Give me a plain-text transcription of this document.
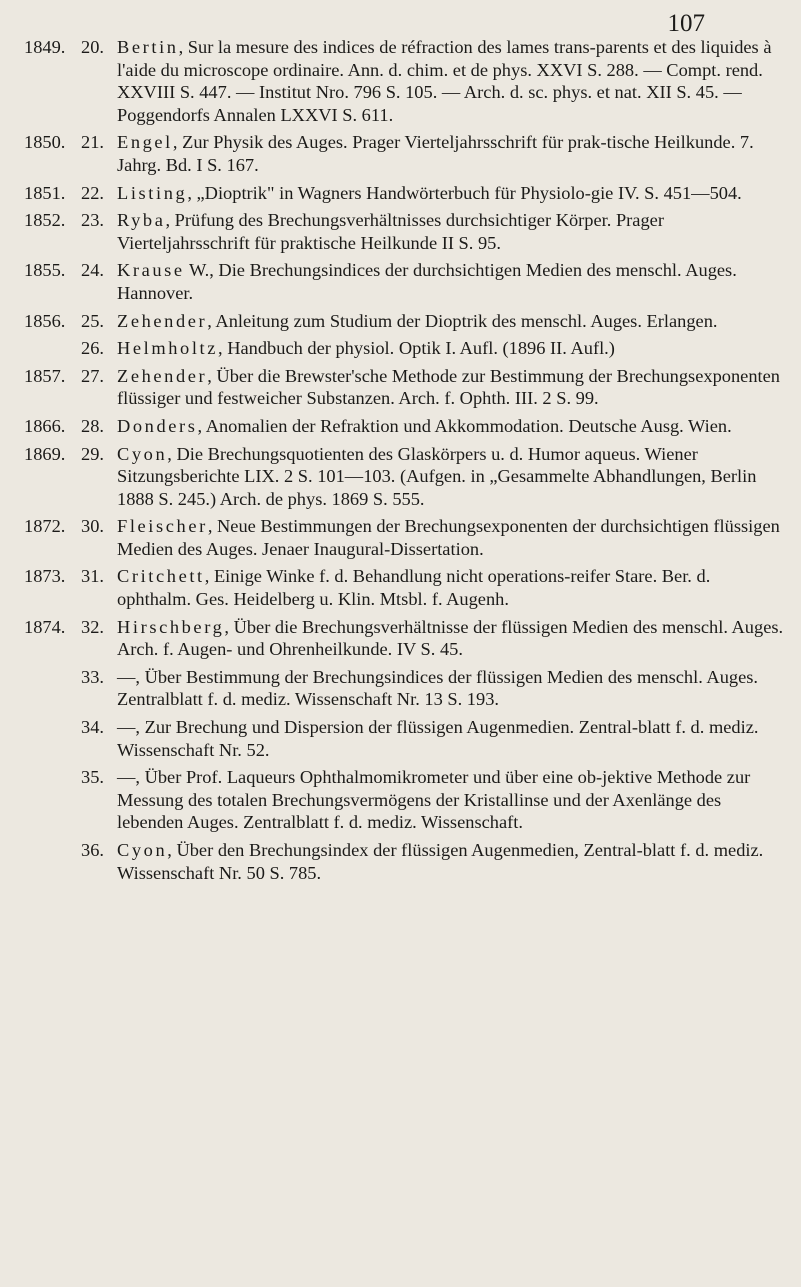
107
1849. 20. Bertin, Sur la mesure des indices de réfraction des lames trans-parents et des liquides à l'aide du microscope ordinaire. Ann. d. chim. et de phys. XXVI S. 288. — Compt. rend. XXVIII S. 447. — Institut Nro. 796 S. 105. — Arch. d. sc. phys. et nat. XII S. 45. — Poggendorfs Annalen LXXVI S. 611.
1850. 21. Engel, Zur Physik des Auges. Prager Vierteljahrsschrift für prak-tische Heilkunde. 7. Jahrg. Bd. I S. 167.
1851. 22. Listing, „Dioptrik" in Wagners Handwörterbuch für Physiolo-gie IV. S. 451—504.
1852. 23. Ryba, Prüfung des Brechungsverhältnisses durchsichtiger Körper. Prager Vierteljahrsschrift für praktische Heilkunde II S. 95.
1855. 24. Krause W., Die Brechungsindices der durchsichtigen Medien des menschl. Auges. Hannover.
1856. 25. Zehender, Anleitung zum Studium der Dioptrik des menschl. Auges. Erlangen.
26. Helmholtz, Handbuch der physiol. Optik I. Aufl. (1896 II. Aufl.)
1857. 27. Zehender, Über die Brewster'sche Methode zur Bestimmung der Brechungsexponenten flüssiger und festweicher Substanzen. Arch. f. Ophth. III. 2 S. 99.
1866. 28. Donders, Anomalien der Refraktion und Akkommodation. Deutsche Ausg. Wien.
1869. 29. Cyon, Die Brechungsquotienten des Glaskörpers u. d. Humor aqueus. Wiener Sitzungsberichte LIX. 2 S. 101—103. (Aufgen. in „Gesammelte Abhandlungen, Berlin 1888 S. 245.) Arch. de phys. 1869 S. 555.
1872. 30. Fleischer, Neue Bestimmungen der Brechungsexponenten der durchsichtigen flüssigen Medien des Auges. Jenaer Inaugural-Dissertation.
1873. 31. Critchett, Einige Winke f. d. Behandlung nicht operations-reifer Stare. Ber. d. ophthalm. Ges. Heidelberg u. Klin. Mtsbl. f. Augenh.
1874. 32. Hirschberg, Über die Brechungsverhältnisse der flüssigen Medien des menschl. Auges. Arch. f. Augen- und Ohrenheilkunde. IV S. 45.
33. —, Über Bestimmung der Brechungsindices der flüssigen Medien des menschl. Auges. Zentralblatt f. d. mediz. Wissenschaft Nr. 13 S. 193.
34. —, Zur Brechung und Dispersion der flüssigen Augenmedien. Zentral-blatt f. d. mediz. Wissenschaft Nr. 52.
35. —, Über Prof. Laqueurs Ophthalmomikrometer und über eine ob-jektive Methode zur Messung des totalen Brechungsvermögens der Kristallinse und der Axenlänge des lebenden Auges. Zentralblatt f. d. mediz. Wissenschaft.
36. Cyon, Über den Brechungsindex der flüssigen Augenmedien, Zentral-blatt f. d. mediz. Wissenschaft Nr. 50 S. 785.
